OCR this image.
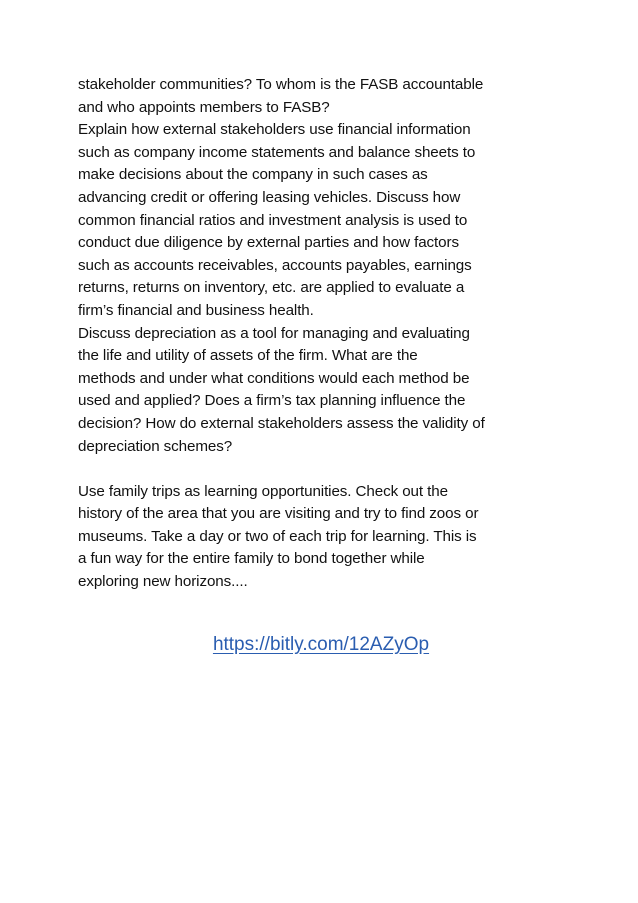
stakeholder communities? To whom is the FASB accountable
and who appoints members to FASB?

Explain how external stakeholders use financial information
such as company income statements and balance sheets to
make decisions about the company in such cases as
advancing credit or offering leasing vehicles. Discuss how
common financial ratios and investment analysis is used to
conduct due diligence by external parties and how factors
such as accounts receivables, accounts payables, earnings
returns, returns on inventory, etc. are applied to evaluate a
firm’s financial and business health.

Discuss depreciation as a tool for managing and evaluating
the life and utility of assets of the firm. What are the
methods and under what conditions would each method be
used and applied? Does a firm’s tax planning influence the
decision? How do external stakeholders assess the validity of
depreciation schemes?

Use family trips as learning opportunities. Check out the
history of the area that you are visiting and try to find zoos or
museums. Take a day or two of each trip for learning. This is
a fun way for the entire family to bond together while
exploring new horizons....

https://bitly.com/12AZyOp
